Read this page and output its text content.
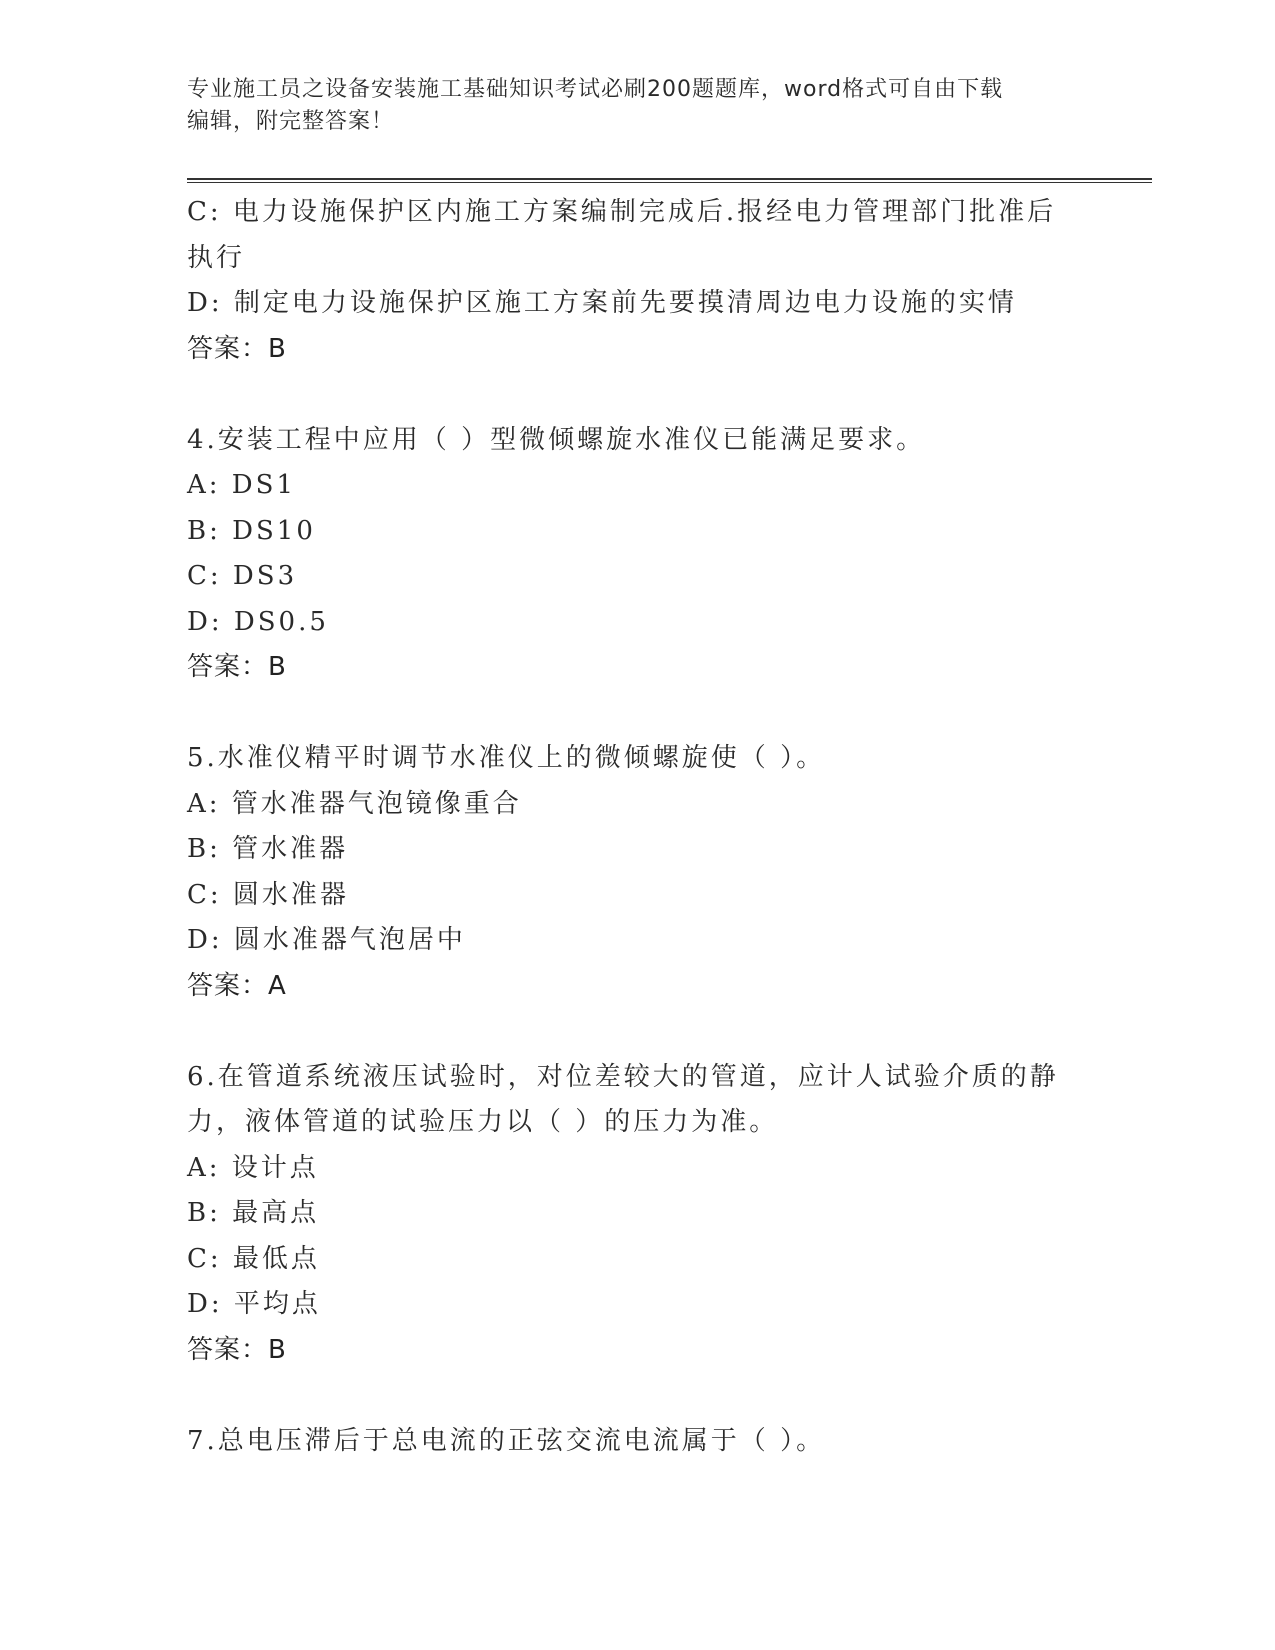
专业施工员之设备安装施工基础知识考试必刷200题题库，word格式可自由下载
编辑，附完整答案！
C: 电力设施保护区内施工方案编制完成后.报经电力管理部门批准后
执行
D: 制定电力设施保护区施工方案前先要摸清周边电力设施的实情
答案：B
4.安装工程中应用（ ）型微倾螺旋水准仪已能满足要求。
A: DS1
B: DS10
C: DS3
D: DS0.5
答案：B
5.水准仪精平时调节水准仪上的微倾螺旋使（ ）。
A: 管水准器气泡镜像重合
B: 管水准器
C: 圆水准器
D: 圆水准器气泡居中
答案：A
6.在管道系统液压试验时，对位差较大的管道，应计人试验介质的静
力，液体管道的试验压力以（ ）的压力为准。
A: 设计点
B: 最高点
C: 最低点
D: 平均点
答案：B
7.总电压滞后于总电流的正弦交流电流属于（ ）。
